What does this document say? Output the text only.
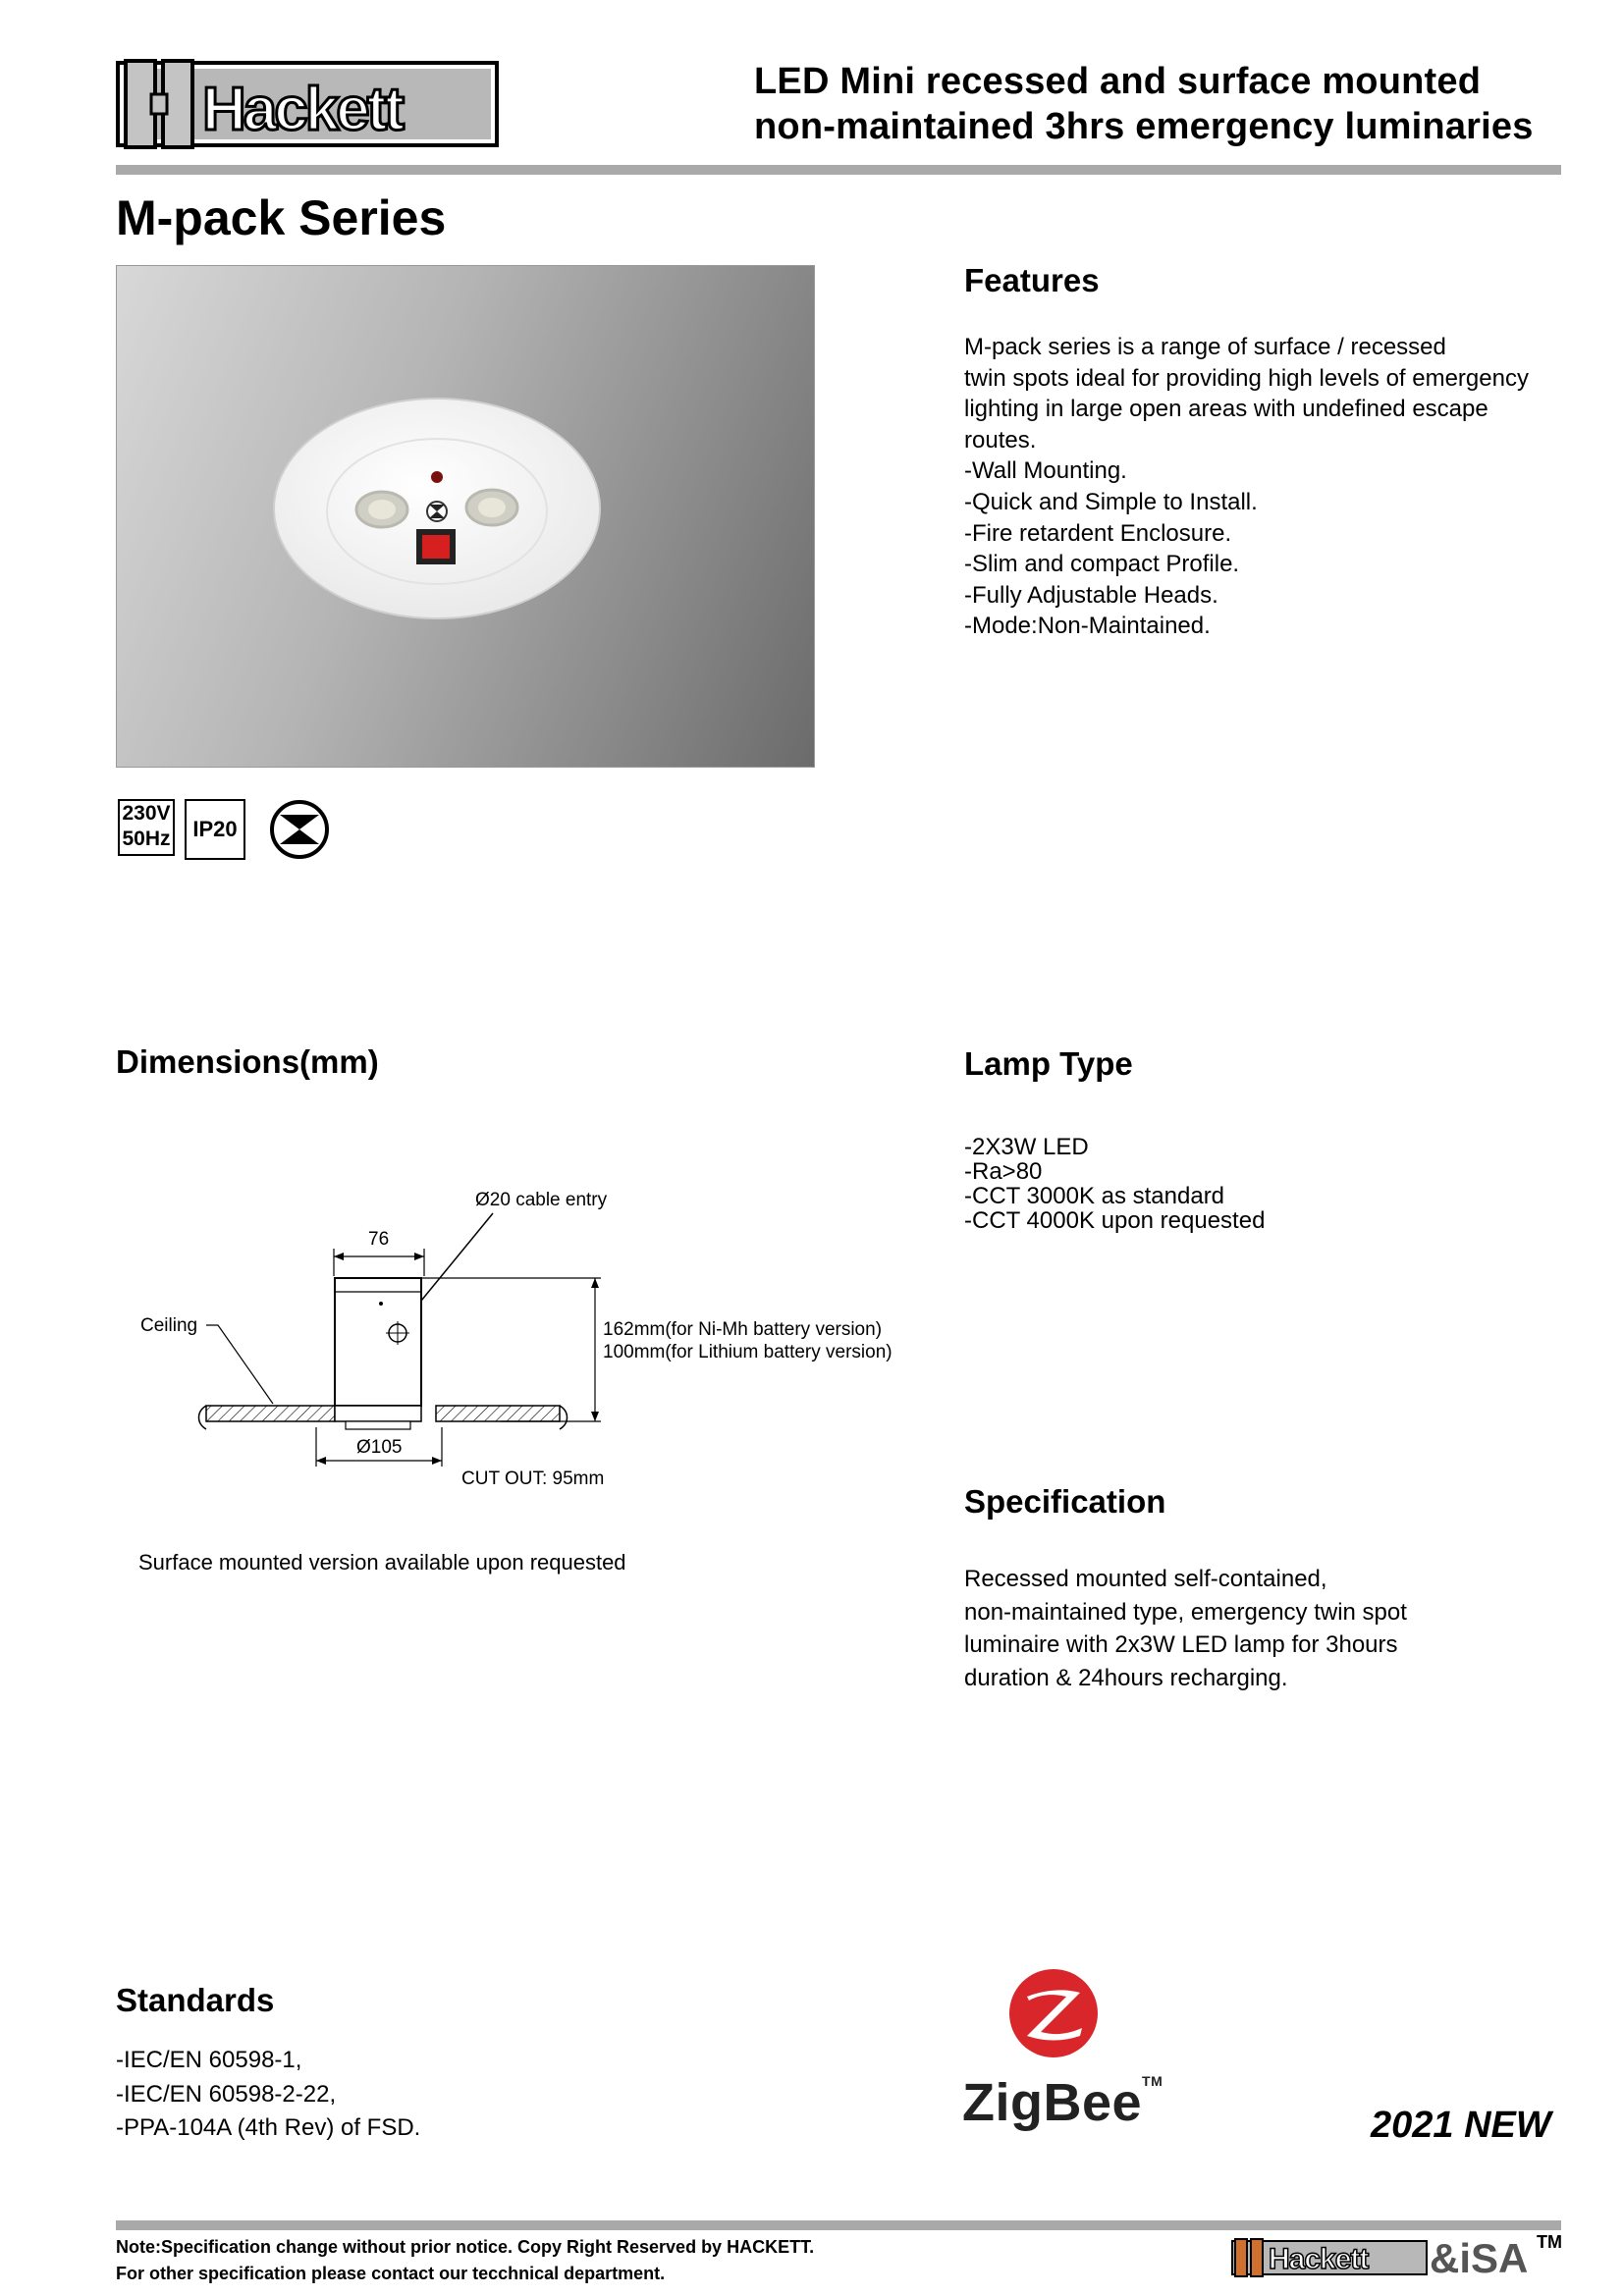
Hackett	LED Mini recessed and surface mounted
non-maintained 3hrs emergency luminaries
M-pack Series
230V
50Hz	IP20
Features
M-pack series is a range of surface / recessed
twin spots ideal for providing high levels of emergency
lighting in large open areas with undefined escape
routes.
-Wall Mounting.
-Quick and Simple to Install.
-Fire retardent Enclosure.
-Slim and compact Profile.
-Fully Adjustable Heads.
-Mode:Non-Maintained.
Dimensions(mm)
Ø20 cable entry
76
Ceiling	162mm(for Ni-Mh battery version)
100mm(for Lithium battery version)
Ø105
CUT OUT: 95mm
Surface mounted version available upon requested
Lamp Type
-2X3W LED
-Ra>80
-CCT 3000K as standard
-CCT 4000K upon requested
Specification
Recessed mounted self-contained,
non-maintained type, emergency twin spot
luminaire with 2x3W LED lamp for 3hours
duration & 24hours recharging.
Standards
-IEC/EN 60598-1,
-IEC/EN 60598-2-22,
-PPA-104A (4th Rev) of FSD.	ZigBee™
2021 NEW
Note:Specification change without prior notice. Copy Right Reserved by HACKETT.
For other specification please contact our tecchnical department.	Hackett &iSA TM
